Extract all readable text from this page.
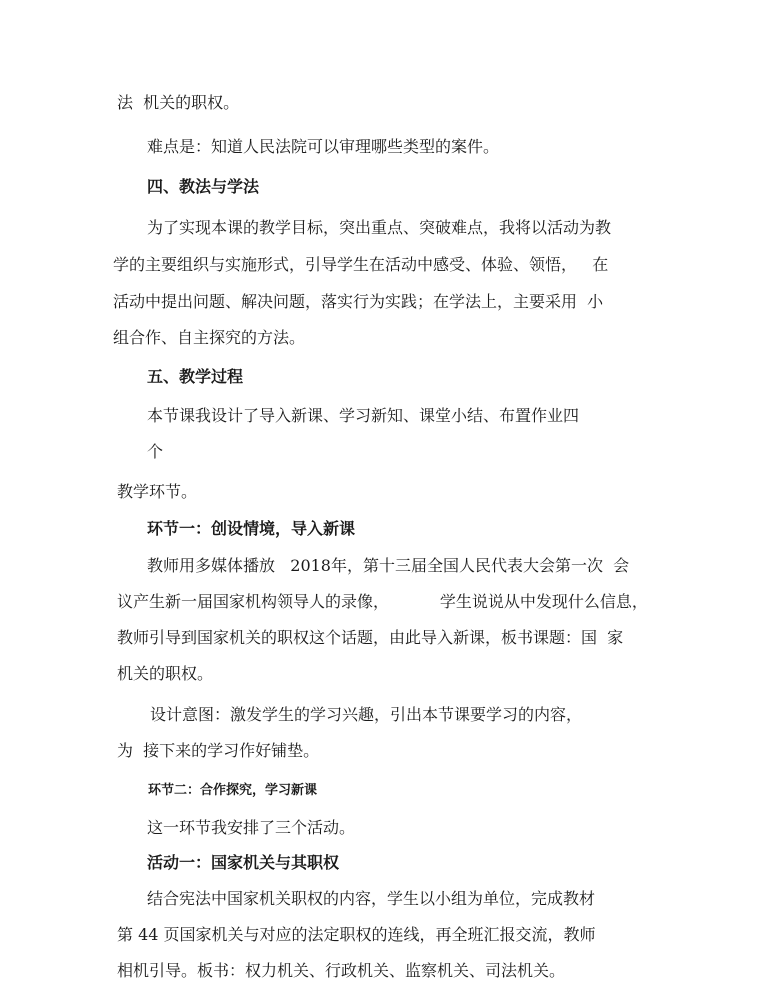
法  机关的职权。
难点是：知道人民法院可以审理哪些类型的案件。
四、教法与学法
为了实现本课的教学目标，突出重点、突破难点，我将以活动为教
学的主要组织与实施形式，引导学生在活动中感受、体验、领悟，   在
活动中提出问题、解决问题，落实行为实践；在学法上，主要采用  小
组合作、自主探究的方法。
五、教学过程
本节课我设计了导入新课、学习新知、课堂小结、布置作业四
个
教学环节。
环节一：创设情境，导入新课
教师用多媒体播放   2018年，第十三届全国人民代表大会第一次  会
议产生新一届国家机构领导人的录像，          学生说说从中发现什么信息，
教师引导到国家机关的职权这个话题，由此导入新课，板书课题：国  家
机关的职权。
设计意图：激发学生的学习兴趣，引出本节课要学习的内容，
为  接下来的学习作好铺垫。
环节二：合作探究，学习新课
这一环节我安排了三个活动。
活动一：国家机关与其职权
结合宪法中国家机关职权的内容，学生以小组为单位，完成教材
第 44 页国家机关与对应的法定职权的连线，再全班汇报交流，教师
相机引导。板书：权力机关、行政机关、监察机关、司法机关。
